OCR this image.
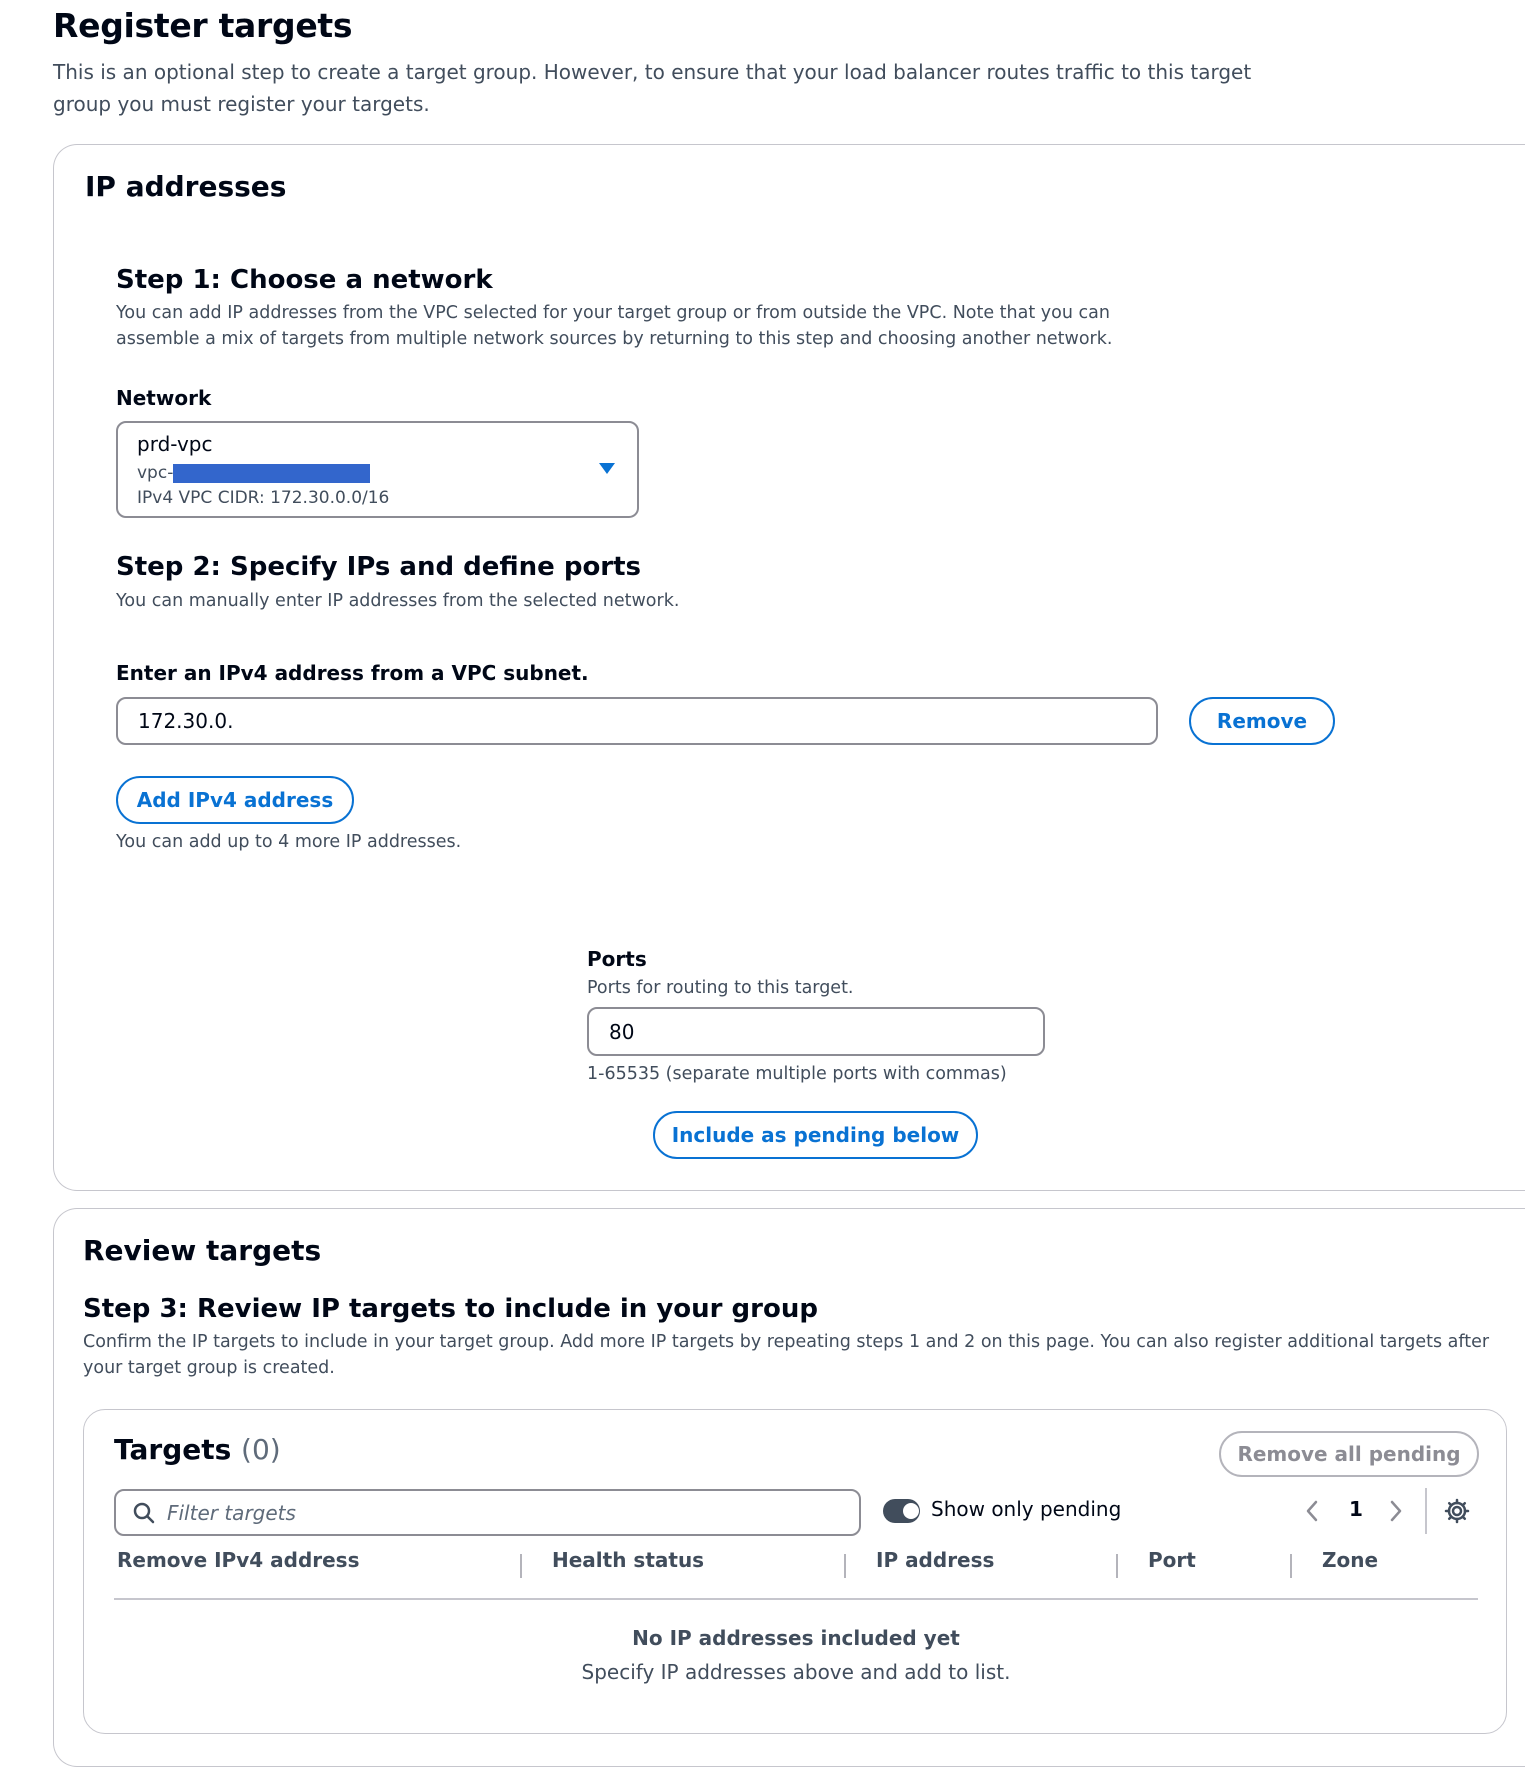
Register targets
This is an optional step to create a target group. However, to ensure that your load balancer routes traffic to this target group you must register your targets.
IP addresses
Step 1: Choose a network
You can add IP addresses from the VPC selected for your target group or from outside the VPC. Note that you can assemble a mix of targets from multiple network sources by returning to this step and choosing another network.
Network
prd-vpc
vpc-
IPv4 VPC CIDR: 172.30.0.0/16
Step 2: Specify IPs and define ports
You can manually enter IP addresses from the selected network.
Enter an IPv4 address from a VPC subnet.
172.30.0.	Remove
Add IPv4 address
You can add up to 4 more IP addresses.
Ports
Ports for routing to this target.
80
1-65535 (separate multiple ports with commas)
Include as pending below
Review targets
Step 3: Review IP targets to include in your group
Confirm the IP targets to include in your target group. Add more IP targets by repeating steps 1 and 2 on this page. You can also register additional targets after your target group is created.
Targets (0)	Remove all pending
Filter targets	Show only pending	1
Remove IPv4 address	Health status	IP address	Port	Zone
No IP addresses included yet
Specify IP addresses above and add to list.
